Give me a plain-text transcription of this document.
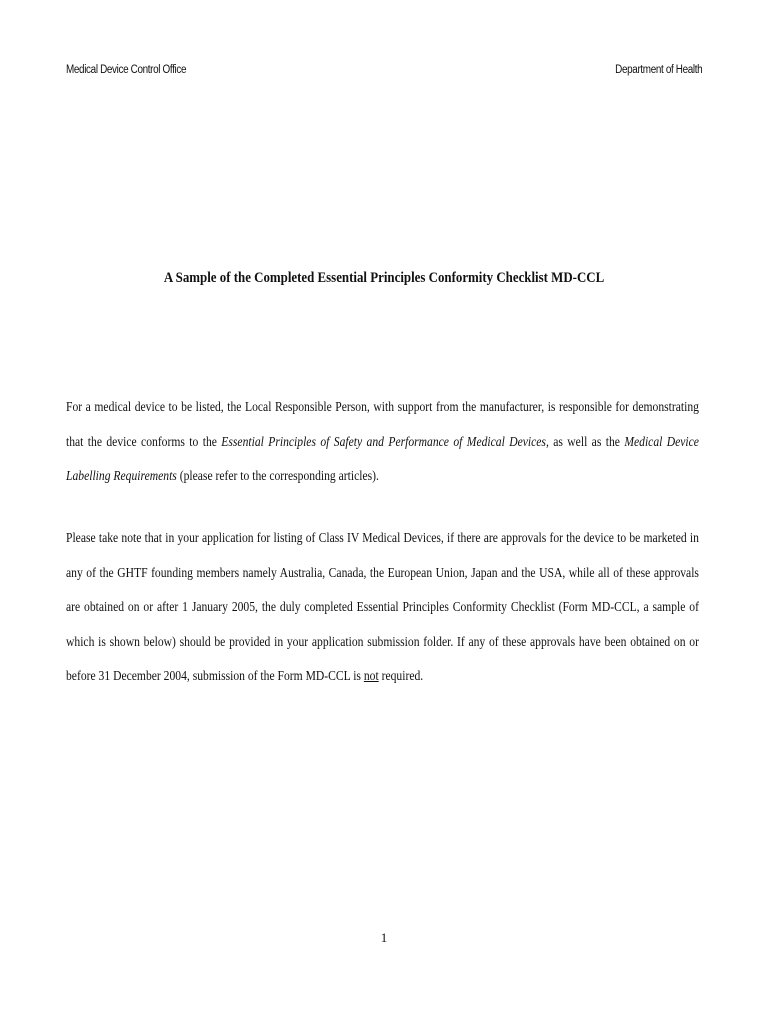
Medical Device Control Office	Department of Health
A Sample of the Completed Essential Principles Conformity Checklist MD-CCL

For a medical device to be listed, the Local Responsible Person, with support from the manufacturer, is responsible for demonstrating that the device conforms to the Essential Principles of Safety and Performance of Medical Devices, as well as the Medical Device Labelling Requirements (please refer to the corresponding articles).

Please take note that in your application for listing of Class IV Medical Devices, if there are approvals for the device to be marketed in any of the GHTF founding members namely Australia, Canada, the European Union, Japan and the USA, while all of these approvals are obtained on or after 1 January 2005, the duly completed Essential Principles Conformity Checklist (Form MD-CCL, a sample of which is shown below) should be provided in your application submission folder. If any of these approvals have been obtained on or before 31 December 2004, submission of the Form MD-CCL is not required.

1
